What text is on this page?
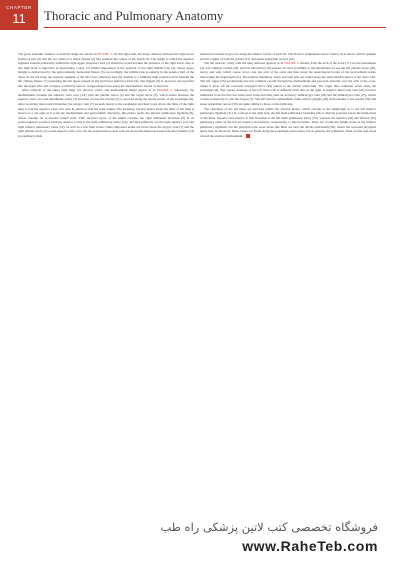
CHAPTER
11	Thoracic and Pulmonary Anatomy

The gross anatomic features of both the lungs are shown in FIGURE 1. On the right side, the major division between the right lower (inferior) lobe (3) and the two others is a major fissure (2) that parallels the course of the fourth rib. The height to which the superior segment extends posteriorly behind the right upper (superior) lobe (1) should be noted because the presence of the right lower lobe at this high level is important in interpreting x-rays. Of similar importance is the position of the right middle lobe (4), whose upper margin is demarcated by the approximately horizontal fissure (5). Accordingly, the middle lobe is entirely in the anterior half of the chest. In the left lung, the superior segment of the left lower (inferior) lobe (9) extends to a similarly high posterior level beneath the left oblique fissure (7) separating the left upper (superior) (6) and lower (inferior) lobes (9). The lingula (8) is, however, incorporated into the upper lobe and occupies a relatively narrow, wedge-shaped area along the anteroinferior border of that lobe.

After removal of the entire right lung, the thoracic cavity and mediastinum might appear as in FIGURE 2. Superiorly, the mediastinum contains the superior vena cava (1A) with the phrenic nerve (2) and the vagus nerve (3), which enters between the superior vena cava and innominate artery (4) and then crosses the trachea (5) to proceed along the lateral border of the esophagus (6). After receiving intercostal tributaries, the azygos vein (7) ascends lateral to the esophagus and then loops above the hilus of the right lung to join the superior vena cava near its junction with the right atrium. The investing visceral pleura about the hilus of the lung is shown as a cut edge as it joins the mediastinum and pericardium. Inferiorly, this pleura forms the inferior pulmonary ligament (8), which contains an occasional lymph node. This enclosed space of the hilum contains the right mainstem bronchus (9) in its posterosuperior position. Directly anterior to this is the right pulmonary artery (10), and then inferiorly are the right superior (11) and right inferior pulmonary veins (12), as well as a few hilar nodes. Other important nodes are those about the azygos vein (7) and the right phrenic nerve (2) on the superior vena cava. On the posterolateral chest wall are shown the intercostal neurovascular bundles (13) proceeding in their

sheltered locations in grooves along the inferior border of each rib. The thoracic sympathetic nerve chain (14) is shown with its ganglia and the origins of both the greater (15) and lesser splanchnic nerves (16).

The left thoracic cavity with the lung removed appears as in FIGURE 3. Arising from the arch of the aorta (17) are the innominate (4), left common carotid (18), and left subclavian (19) arteries. In close proximity to the innominate we see the left phrenic nerve (20), artery, and vein, which course down over the arch of the aorta and then along the anterolateral border of the pericardium before innervating the diaphragm (21). The internal mammary artery and vein (22) are found along the anteromedial aspect of the chest wall. The left vagus (23) accompanies the left common carotid through the mediastinum and proceeds laterally over the arch of the aorta, where it gives off the recurrent laryngeal nerve (24) lateral to the ductus arteriosum. The vagus then continues down along the esophagus (6). The venous drainage of the left chest wall is different from that on the right. A superior intercostal vein (25) receives tributaries from the first few intercostal veins and then joins an accessory hemiazygos vein (26) and the hemiazygos vein (27), which courses posteriorly to join the azygos (7). The left thoracic sympathetic trunk with its ganglia (28) and branches to the greater (29) and lesser splanchnic nerves (30) are quite similar to those on the right side.

The structures of the left hilus are enclosed within the visceral pleura, which extends to the diaphragm as to the left inferior pulmonary ligament (31). In contrast to the right side, the left main pulmonary bronchus (32) is directly posterior but in the midportion of the hilus. Superior and anterior to this bronchus is the left main pulmonary artery (33), whereas the superior (34) and inferior (35) pulmonary veins on the left are anterior and inferior, respectively, to this bronchus. There are occasional lymph nodes in the inferior pulmonary ligament, but the principal node areas about this hilus are near the ductus arteriosum (36), where the recurrent laryngeal nerve may be involved. Other nodes are found along the esophagus and trachea, but in general, the lymphatic chain on this side tends toward the anterior mediastinum.

فروشگاه تخصصی کتب لاتین پزشکی راه طب
www.RaheTeb.com
